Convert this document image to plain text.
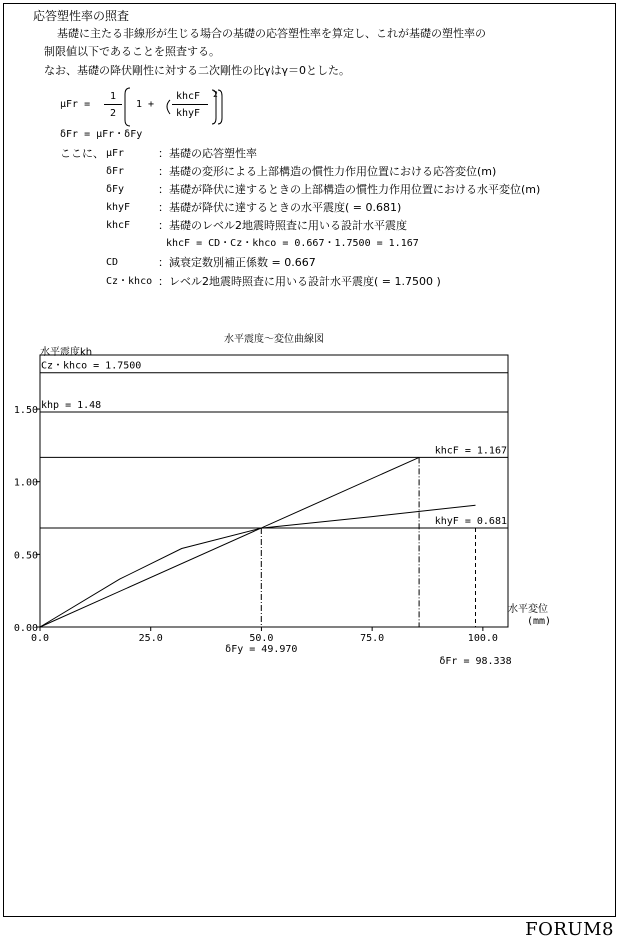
応答塑性率の照査
基礎に主たる非線形が生じる場合の基礎の応答塑性率を算定し、これが基礎の塑性率の
制限値以下であることを照査する。
なお、基礎の降伏剛性に対する二次剛性の比γはγ＝0とした。
μFr =
1
2
1 +
khcF
khyF
2
δFr = μFr・δFy
ここに、 μFr	：基礎の応答塑性率
δFr	：基礎の変形による上部構造の慣性力作用位置における応答変位(m)
δFy	：基礎が降伏に達するときの上部構造の慣性力作用位置における水平変位(m)
khyF	：基礎が降伏に達するときの水平震度( = 0.681)
khcF	：基礎のレベル2地震時照査に用いる設計水平震度
khcF = CD・Cz・khco = 0.667・1.7500 = 1.167
CD	：減衰定数別補正係数 = 0.667
Cz・khco ：レベル2地震時照査に用いる設計水平震度( = 1.7500 )
水平震度～変位曲線図
水平震度kh
水平変位
(mm)
Cz・khco = 1.7500
khp = 1.48
khcF = 1.167
khyF = 0.681
δFy = 49.970
δFr = 98.338
0.0	25.0	50.0	75.0	100.0
0.00
0.50
1.00
1.50
FORUM8
